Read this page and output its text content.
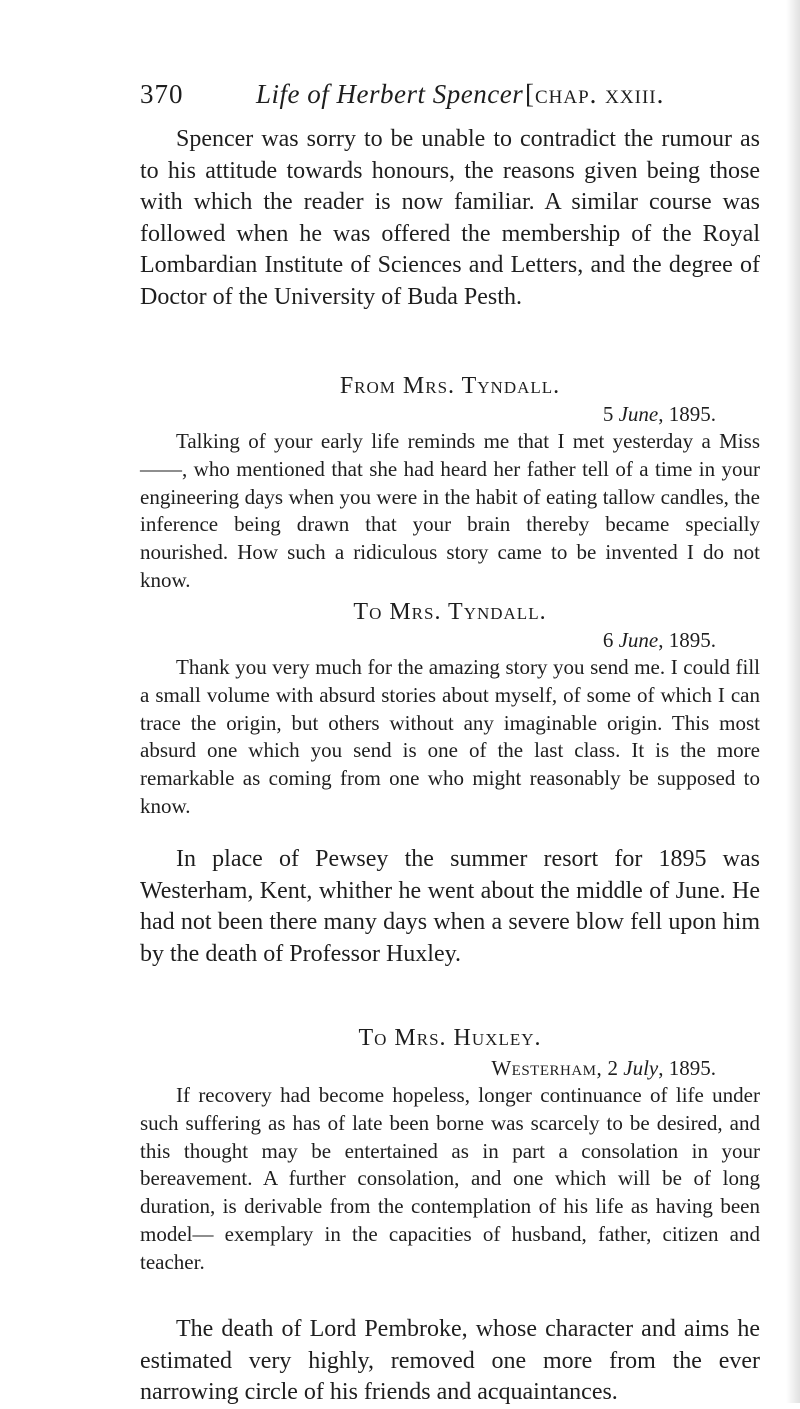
370	Life of Herbert Spencer [chap. xxiii.

Spencer was sorry to be unable to contradict the rumour as to his attitude towards honours, the reasons given being those with which the reader is now familiar. A similar course was followed when he was offered the membership of the Royal Lombardian Institute of Sciences and Letters, and the degree of Doctor of the University of Buda Pesth.

From Mrs. Tyndall.
5 June, 1895.

Talking of your early life reminds me that I met yesterday a Miss ——, who mentioned that she had heard her father tell of a time in your engineering days when you were in the habit of eating tallow candles, the inference being drawn that your brain thereby became specially nourished. How such a ridiculous story came to be invented I do not know.

To Mrs. Tyndall.
6 June, 1895.

Thank you very much for the amazing story you send me. I could fill a small volume with absurd stories about myself, of some of which I can trace the origin, but others without any imaginable origin. This most absurd one which you send is one of the last class. It is the more remarkable as coming from one who might reasonably be supposed to know.

In place of Pewsey the summer resort for 1895 was Westerham, Kent, whither he went about the middle of June. He had not been there many days when a severe blow fell upon him by the death of Professor Huxley.

To Mrs. Huxley.
Westerham, 2 July, 1895.

If recovery had become hopeless, longer continuance of life under such suffering as has of late been borne was scarcely to be desired, and this thought may be entertained as in part a consolation in your bereavement. A further consolation, and one which will be of long duration, is derivable from the contemplation of his life as having been model— exemplary in the capacities of husband, father, citizen and teacher.

The death of Lord Pembroke, whose character and aims he estimated very highly, removed one more from the ever narrowing circle of his friends and acquaintances.
